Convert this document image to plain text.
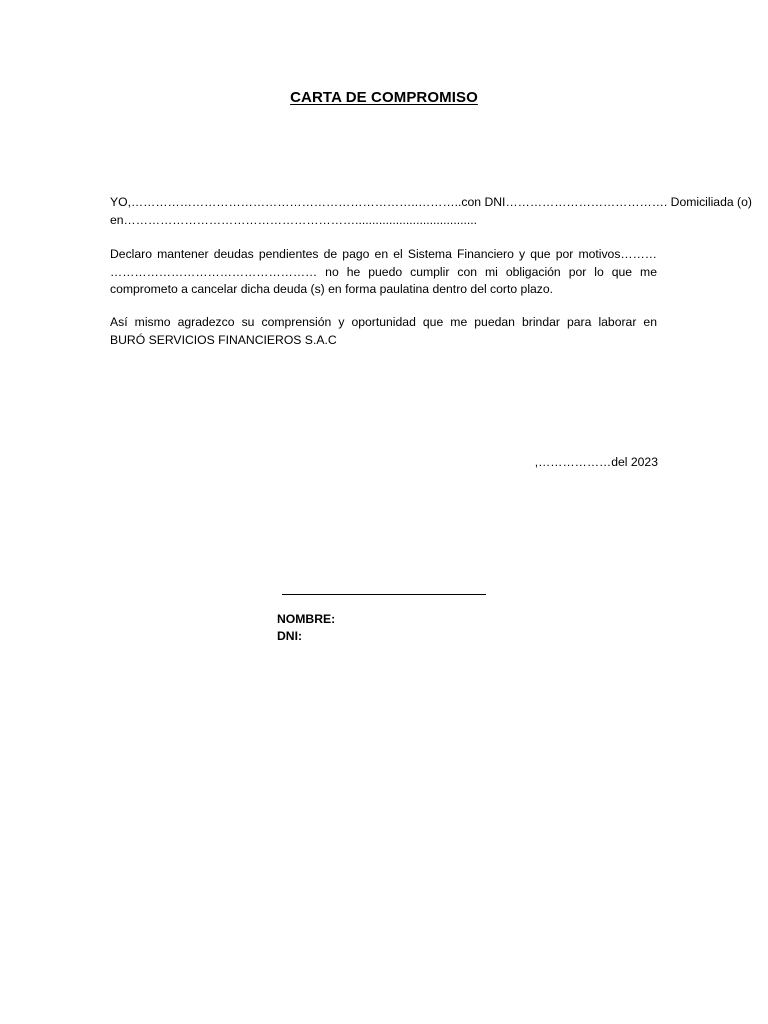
CARTA DE COMPROMISO
YO,……………………………………………………………..………..con DNI…………………………………. Domiciliada (o)
en…………………………………………………....................................
Declaro mantener deudas pendientes de pago en el Sistema Financiero y que por motivos………
…………………………………………… no he puedo cumplir con mi obligación por lo que me
comprometo a cancelar dicha deuda (s) en forma paulatina dentro del corto plazo.
Así mismo agradezco su comprensión y oportunidad que me puedan brindar para laborar en
BURÓ SERVICIOS FINANCIEROS S.A.C
,………………del 2023
NOMBRE:
DNI:
